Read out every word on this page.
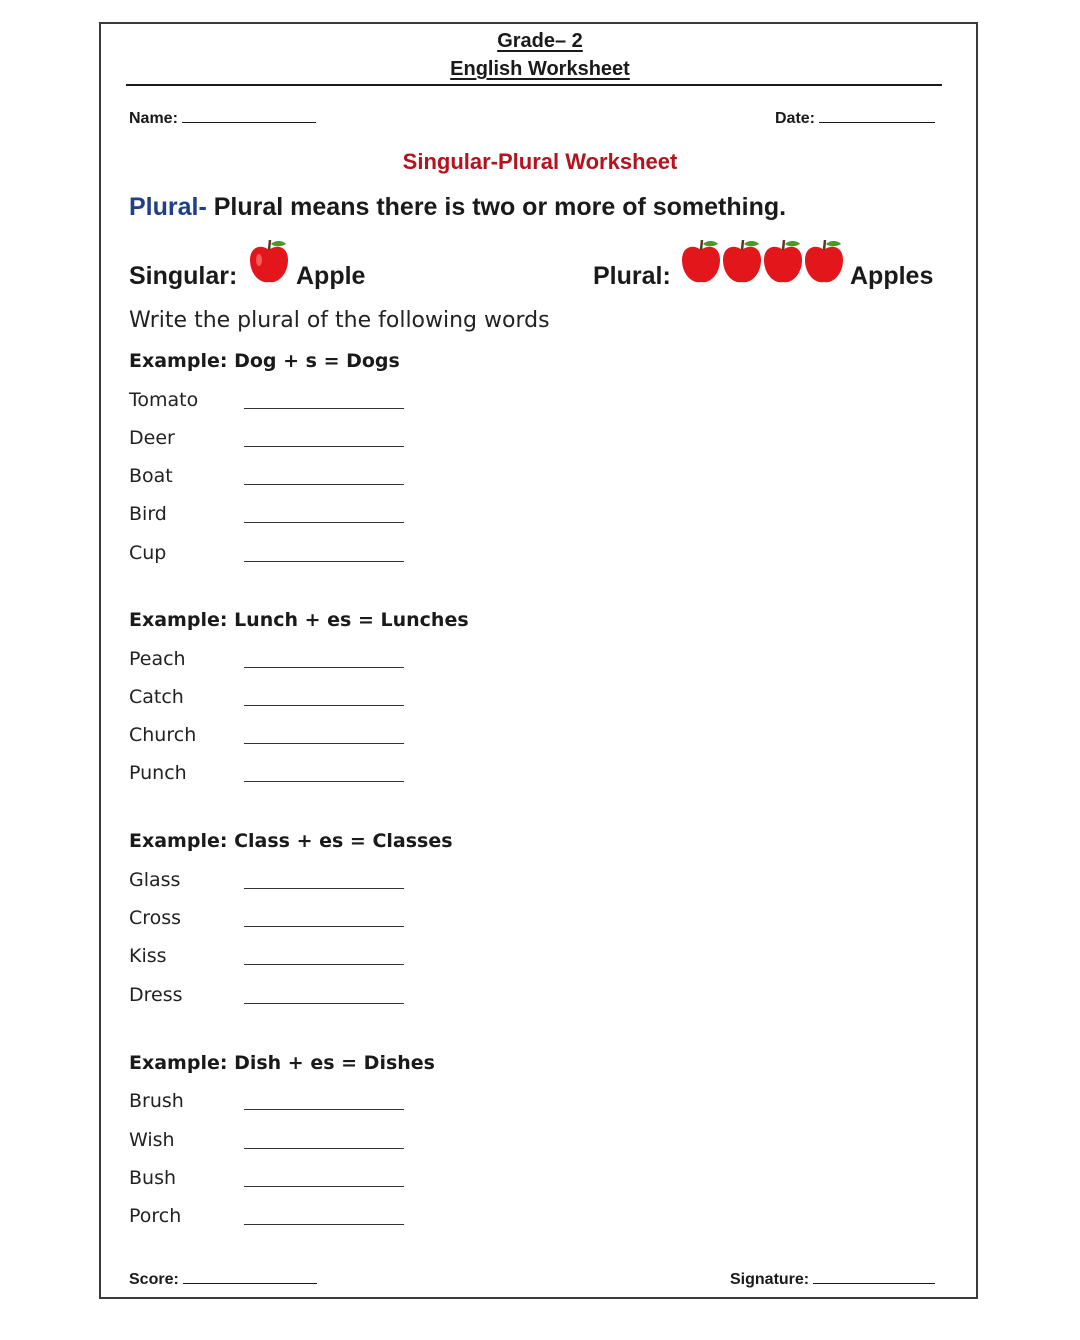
Grade– 2
English Worksheet
Name:	Date:
Singular-Plural Worksheet
Plural- Plural means there is two or more of something.
Singular: Apple	Plural:	Apples
Write the plural of the following words
Example: Dog + s = Dogs
Tomato
Deer
Boat
Bird
Cup
Example: Lunch + es = Lunches
Peach
Catch
Church
Punch
Example: Class + es = Classes
Glass
Cross
Kiss
Dress
Example: Dish + es = Dishes
Brush
Wish
Bush
Porch
Score:	Signature:
